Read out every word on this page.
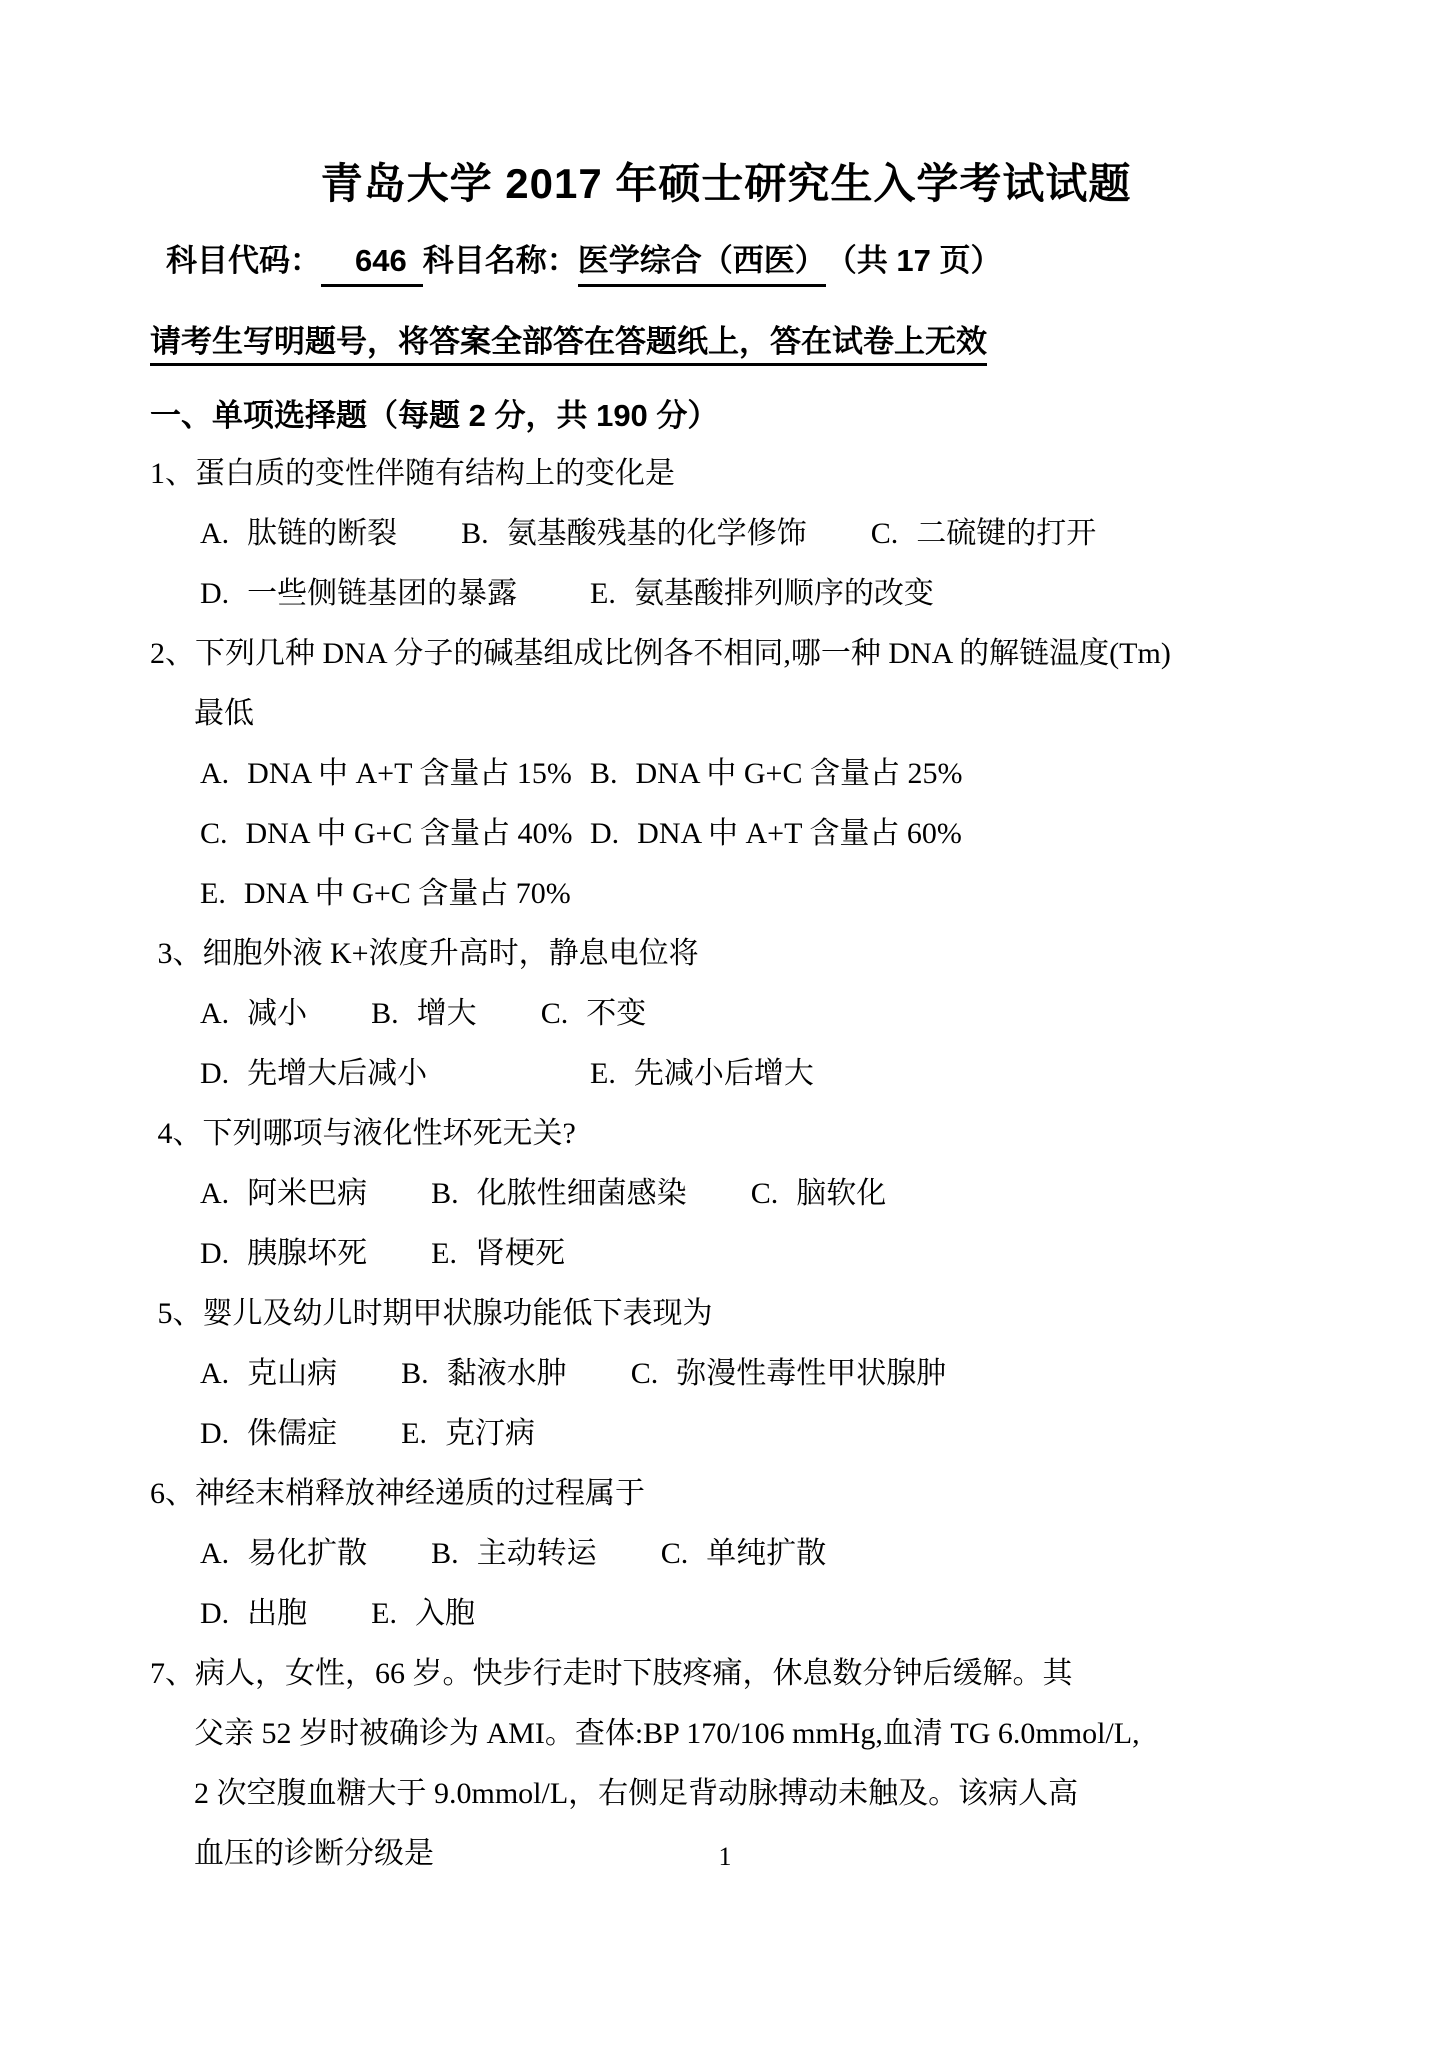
青岛大学 2017 年硕士研究生入学考试试题
科目代码： 646 科目名称：医学综合（西医）（共 17 页）
请考生写明题号，将答案全部答在答题纸上，答在试卷上无效
一、单项选择题（每题 2 分，共 190 分）
1、蛋白质的变性伴随有结构上的变化是
A. 肽链的断裂 B. 氨基酸残基的化学修饰 C. 二硫键的打开
D. 一些侧链基团的暴露 E. 氨基酸排列顺序的改变
2、下列几种 DNA 分子的碱基组成比例各不相同,哪一种 DNA 的解链温度(Tm)
最低
A. DNA 中 A+T 含量占 15% B. DNA 中 G+C 含量占 25%
C. DNA 中 G+C 含量占 40% D. DNA 中 A+T 含量占 60%
E. DNA 中 G+C 含量占 70%
3、细胞外液 K+浓度升高时，静息电位将
A. 减小 B. 增大 C. 不变
D. 先增大后减小	E. 先减小后增大
4、下列哪项与液化性坏死无关?
A. 阿米巴病 B. 化脓性细菌感染 C. 脑软化
D. 胰腺坏死 E. 肾梗死
5、婴儿及幼儿时期甲状腺功能低下表现为
A. 克山病 B. 黏液水肿 C. 弥漫性毒性甲状腺肿
D. 侏儒症 E. 克汀病
6、神经末梢释放神经递质的过程属于
A. 易化扩散 B. 主动转运 C. 单纯扩散
D. 出胞 E. 入胞
7、病人，女性，66 岁。快步行走时下肢疼痛，休息数分钟后缓解。其
父亲 52 岁时被确诊为 AMI。查体:BP 170/106 mmHg,血清 TG 6.0mmol/L,
2 次空腹血糖大于 9.0mmol/L，右侧足背动脉搏动未触及。该病人高
血压的诊断分级是	1
